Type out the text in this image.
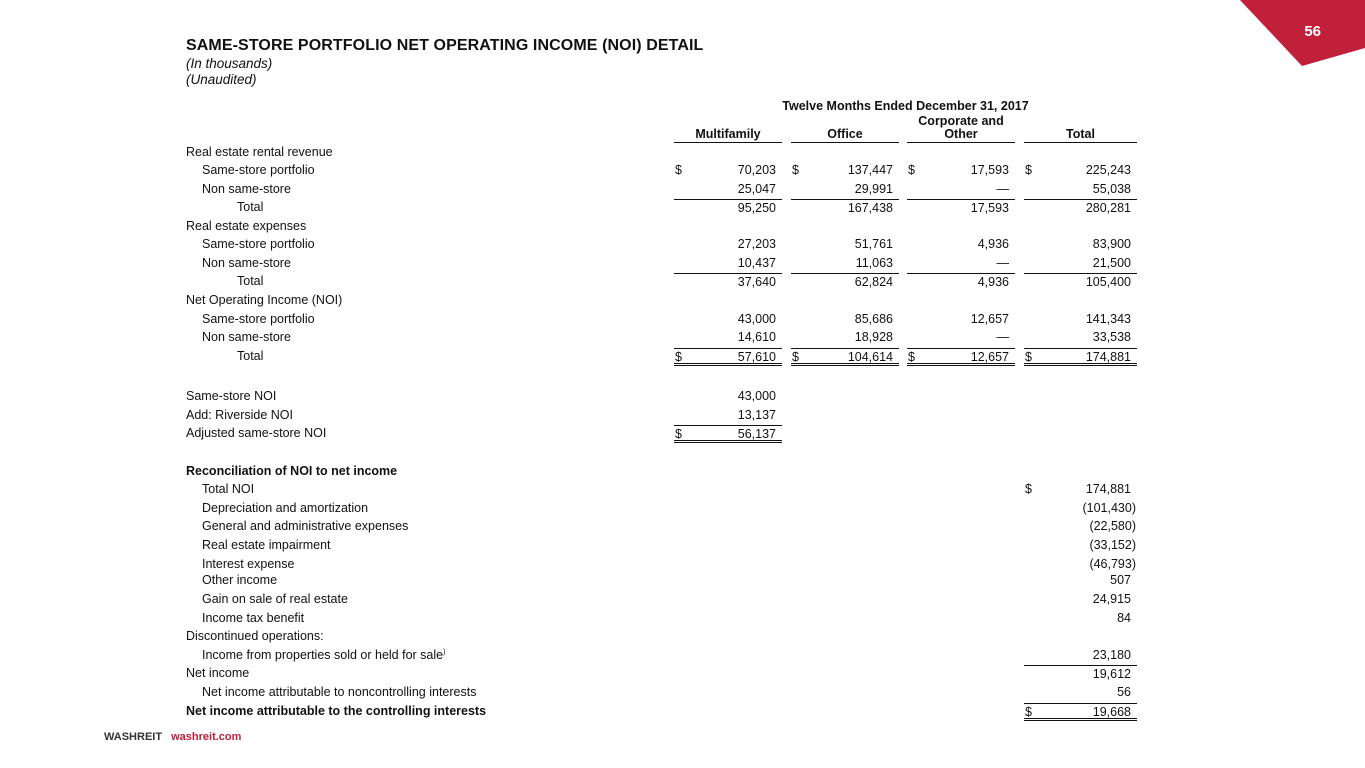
56
SAME-STORE PORTFOLIO NET OPERATING INCOME (NOI) DETAIL
(In thousands)
(Unaudited)
Twelve Months Ended December 31, 2017
Multifamily	Office
Corporate and
Other	Total
Real estate rental revenue
Same-store portfolio	$	70,203 $	137,447 $	17,593 $	225,243
Non same-store	25,047	29,991	—	55,038
Total	95,250	167,438	17,593	280,281
Real estate expenses
Same-store portfolio	27,203	51,761	4,936	83,900
Non same-store	10,437	11,063	—	21,500
Total	37,640	62,824	4,936	105,400
Net Operating Income (NOI)
Same-store portfolio	43,000	85,686	12,657	141,343
Non same-store	14,610	18,928	—	33,538
Total	$	57,610 $	104,614 $	12,657 $	174,881
Same-store NOI	43,000
Add: Riverside NOI	13,137
Adjusted same-store NOI	$	56,137
Reconciliation of NOI to net income
Total NOI	$	174,881
Depreciation and amortization	(101,430)
General and administrative expenses	(22,580)
Real estate impairment	(33,152)
Interest expense	(46,793)
Other income	507
Gain on sale of real estate	24,915
Income tax benefit	84
Discontinued operations:
Income from properties sold or held for sale)	23,180
Net income	19,612
Net income attributable to noncontrolling interests	56
Net income attributable to the controlling interests	$	19,668
WASHREIT washreit.com
